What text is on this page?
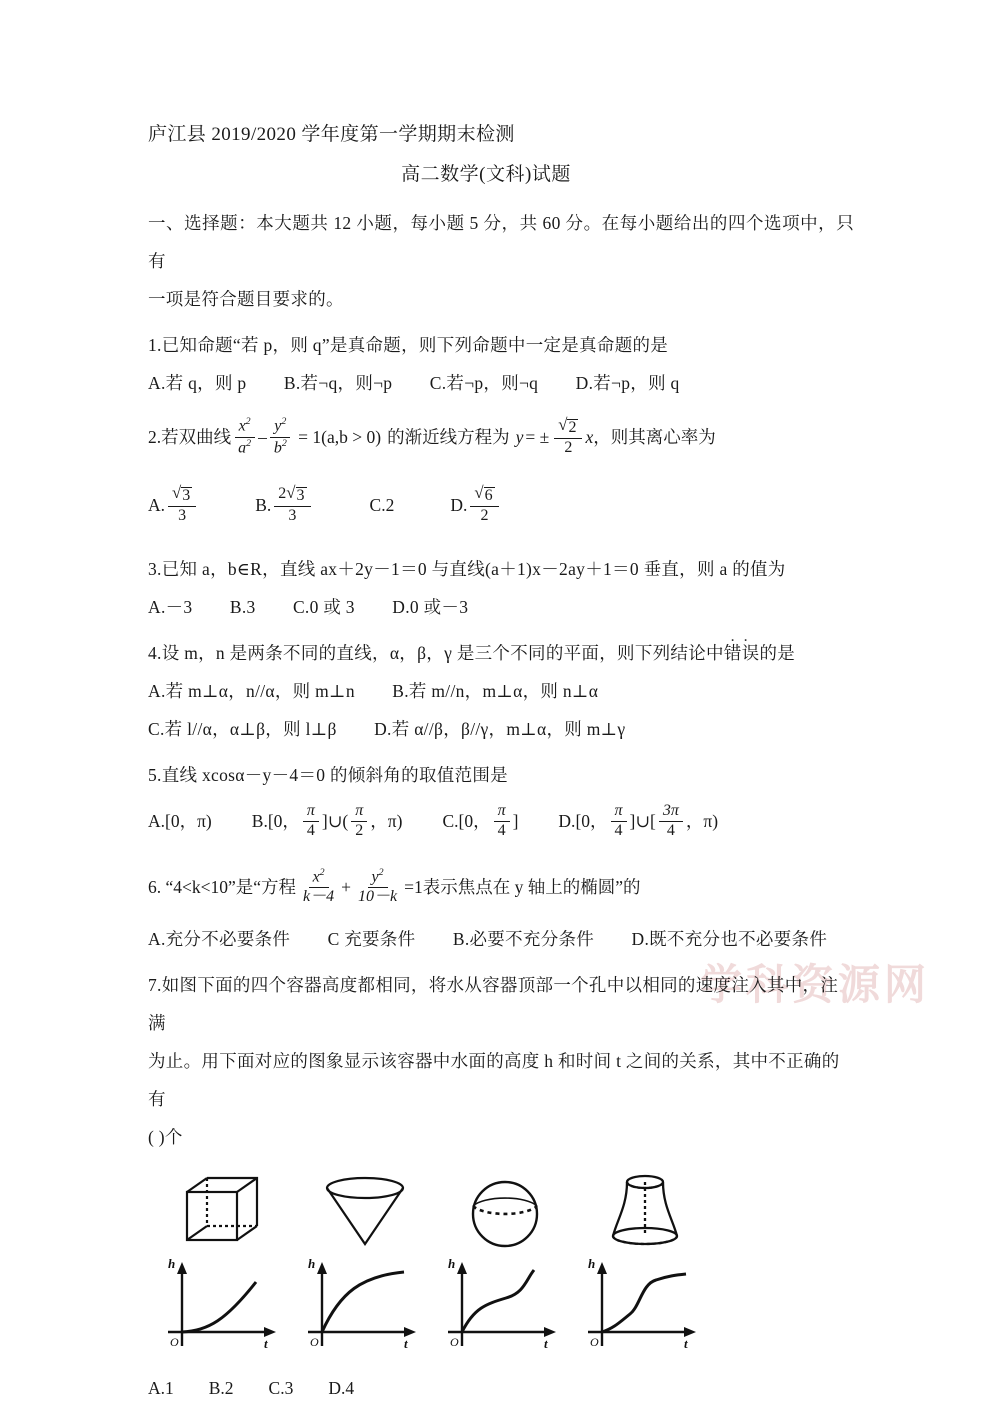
学科资源网
庐江县 2019/2020 学年度第一学期期末检测
高二数学(文科)试题
一、选择题：本大题共 12 小题，每小题 5 分，共 60 分。在每小题给出的四个选项中，只有
一项是符合题目要求的。
1.已知命题“若 p，则 q”是真命题，则下列命题中一定是真命题的是
A.若 q，则 p        B.若¬q，则¬p        C.若¬p，则¬q        D.若¬p，则 q
2.若双曲线 $\frac{x^2}{a^2} - \frac{y^2}{b^2} = 1(a,b > 0)$ 的渐近线方程为 y = ± $\frac{√ 2}{2}$ x ，则其离心率为
A. $\frac{√ 3}{3}$	B. $\frac{2 √ 3}{3}$	C. 2	D. $\frac{√ 6}{2}$
3.已知 a，b∈R，直线 ax＋2y－1＝0 与直线(a＋1)x－2ay＋1＝0 垂直，则 a 的值为
A.－3        B.3        C.0 或 3        D.0 或－3
4.设 m，n 是两条不同的直线，α，β，γ 是三个不同的平面，则下列结论中错误 ..的是
A.若 m⊥α，n//α，则 m⊥n        B.若 m//n，m⊥α，则 n⊥α
C.若 l//α，α⊥β，则 l⊥β        D.若 α//β，β//γ，m⊥α，则 m⊥γ
5.直线 xcosα－y－4＝0 的倾斜角的取值范围是
A. [0，π) B. [0， $\frac{\pi}{4}$ ]∪( $\frac{\pi}{2}$ ，π) C. [0， $\frac{\pi}{4}$ ] D. [0， $\frac{\pi}{4}$ ]∪[ $\frac{3\pi}{4}$ ，π)
6. “4<k<10”是“方程 $\frac{x^2}{k-4} + \frac{y^2}{10-k} =1$ 表示焦点在 y 轴上的椭圆”的
A.充分不必要条件        C 充要条件        B.必要不充分条件        D.既不充分也不必要条件
7.如图下面的四个容器高度都相同，将水从容器顶部一个孔中以相同的速度注入其中，注满
为止。用下面对应的图象显示该容器中水面的高度 h 和时间 t 之间的关系，其中不正确的有
( )个
h
O	t
h
O	t
h
O	t
h
O	t
A.1        B.2        C.3        D.4
